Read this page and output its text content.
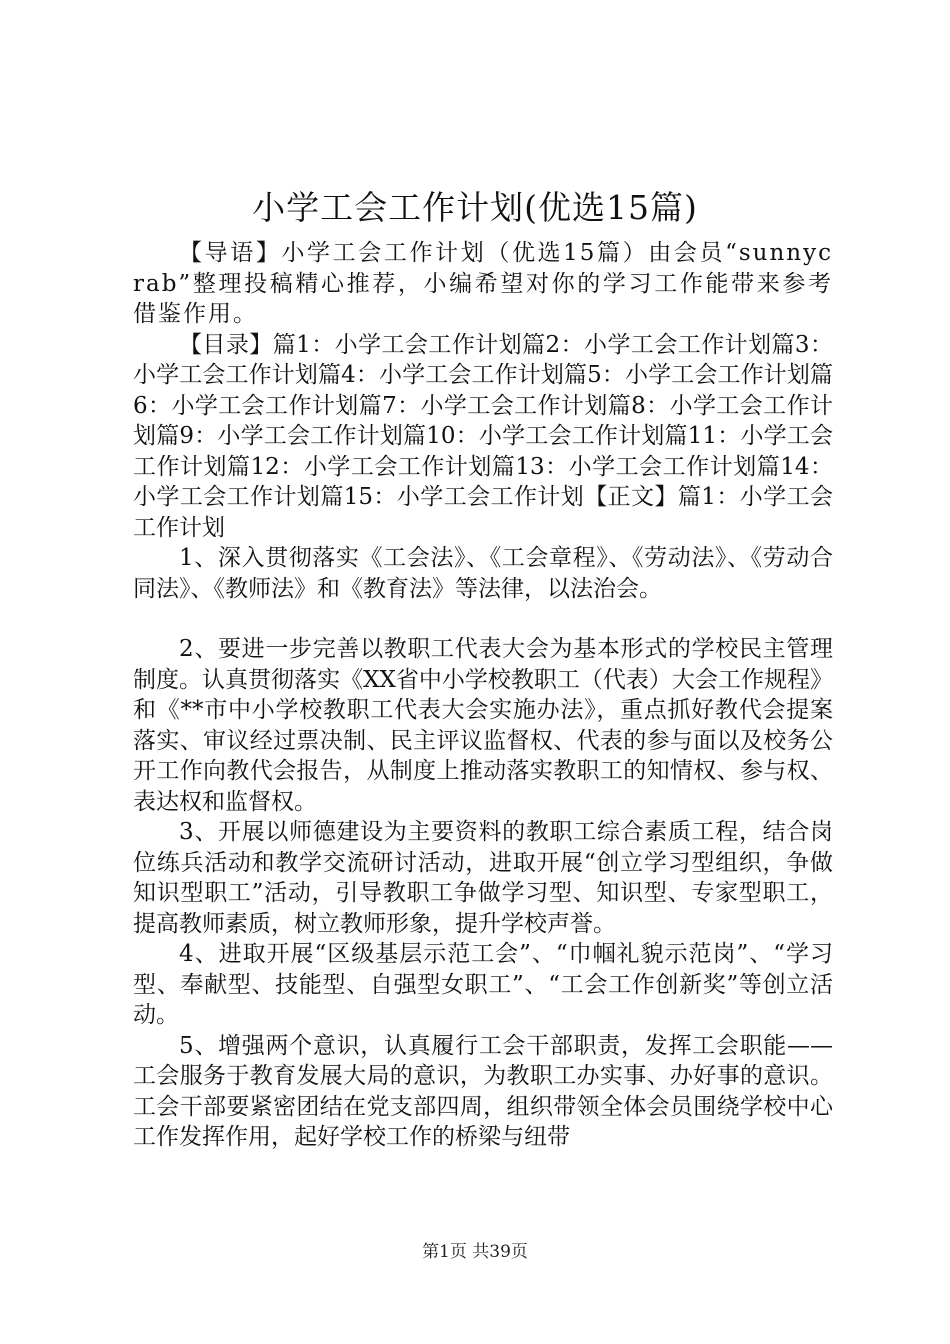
小学工会工作计划(优选15篇)

【导语】小学工会工作计划（优选15篇）由会员“sunnycrab”整理投稿精心推荐，小编希望对你的学习工作能带来参考借鉴作用。

【目录】篇1：小学工会工作计划篇2：小学工会工作计划篇3：小学工会工作计划篇4：小学工会工作计划篇5：小学工会工作计划篇6：小学工会工作计划篇7：小学工会工作计划篇8：小学工会工作计划篇9：小学工会工作计划篇10：小学工会工作计划篇11：小学工会工作计划篇12：小学工会工作计划篇13：小学工会工作计划篇14：小学工会工作计划篇15：小学工会工作计划【正文】篇1：小学工会工作计划

1、深入贯彻落实《工会法》、《工会章程》、《劳动法》、《劳动合同法》、《教师法》和《教育法》等法律，以法治会。

2、要进一步完善以教职工代表大会为基本形式的学校民主管理制度。认真贯彻落实《XX省中小学校教职工（代表）大会工作规程》和《**市中小学校教职工代表大会实施办法》，重点抓好教代会提案落实、审议经过票决制、民主评议监督权、代表的参与面以及校务公开工作向教代会报告，从制度上推动落实教职工的知情权、参与权、表达权和监督权。

3、开展以师德建设为主要资料的教职工综合素质工程，结合岗位练兵活动和教学交流研讨活动，进取开展“创立学习型组织，争做知识型职工”活动，引导教职工争做学习型、知识型、专家型职工，提高教师素质，树立教师形象，提升学校声誉。

4、进取开展“区级基层示范工会”、“巾帼礼貌示范岗”、“学习型、奉献型、技能型、自强型女职工”、“工会工作创新奖”等创立活动。

5、增强两个意识，认真履行工会干部职责，发挥工会职能——工会服务于教育发展大局的意识，为教职工办实事、办好事的意识。工会干部要紧密团结在党支部四周，组织带领全体会员围绕学校中心工作发挥作用，起好学校工作的桥梁与纽带

第1页 共39页
